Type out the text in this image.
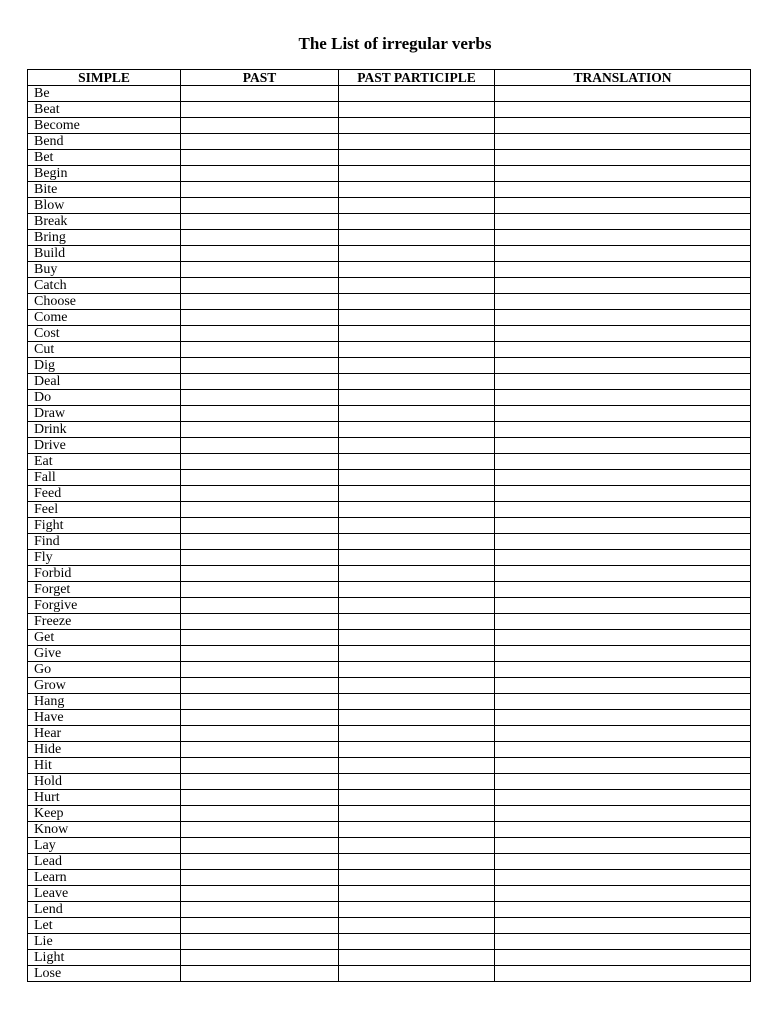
The List of irregular verbs
SIMPLE	PAST	PAST PARTICIPLE	TRANSLATION
Be			
Beat			
Become			
Bend			
Bet			
Begin			
Bite			
Blow			
Break			
Bring			
Build			
Buy			
Catch			
Choose			
Come			
Cost			
Cut			
Dig			
Deal			
Do			
Draw			
Drink			
Drive			
Eat			
Fall			
Feed			
Feel			
Fight			
Find			
Fly			
Forbid			
Forget			
Forgive			
Freeze			
Get			
Give			
Go			
Grow			
Hang			
Have			
Hear			
Hide			
Hit			
Hold			
Hurt			
Keep			
Know			
Lay			
Lead			
Learn			
Leave			
Lend			
Let			
Lie			
Light			
Lose			
